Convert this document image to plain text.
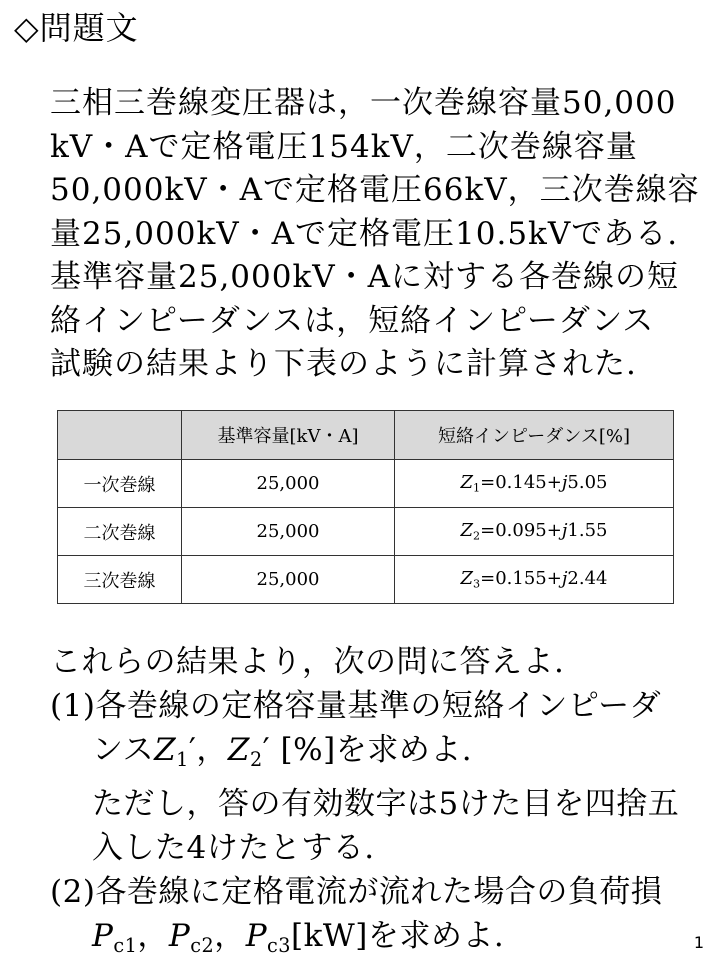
◇問題文
三相三巻線変圧器は，一次巻線容量50,000
kV・Aで定格電圧154kV，二次巻線容量
50,000kV・Aで定格電圧66kV，三次巻線容
量25,000kV・Aで定格電圧10.5kVである.
基準容量25,000kV・Aに対する各巻線の短
絡インピーダンスは，短絡インピーダンス
試験の結果より下表のように計算された.
	基準容量[kV・A]	短絡インピーダンス[%]
一次巻線	25,000	$Z_1=0.145+j5.05$
二次巻線	25,000	$Z_2=0.095+j1.55$
三次巻線	25,000	$Z_3=0.155+j2.44$
これらの結果より，次の問に答えよ.
(1)各巻線の定格容量基準の短絡インピーダ
ンス$Z_1'$，$Z_2'$ [%]を求めよ.
ただし，答の有効数字は5けた目を四捨五
入した4けたとする.
(2)各巻線に定格電流が流れた場合の負荷損
$P_{c1}$，$P_{c2}$，$P_{c3}[kW]$を求めよ.	1
